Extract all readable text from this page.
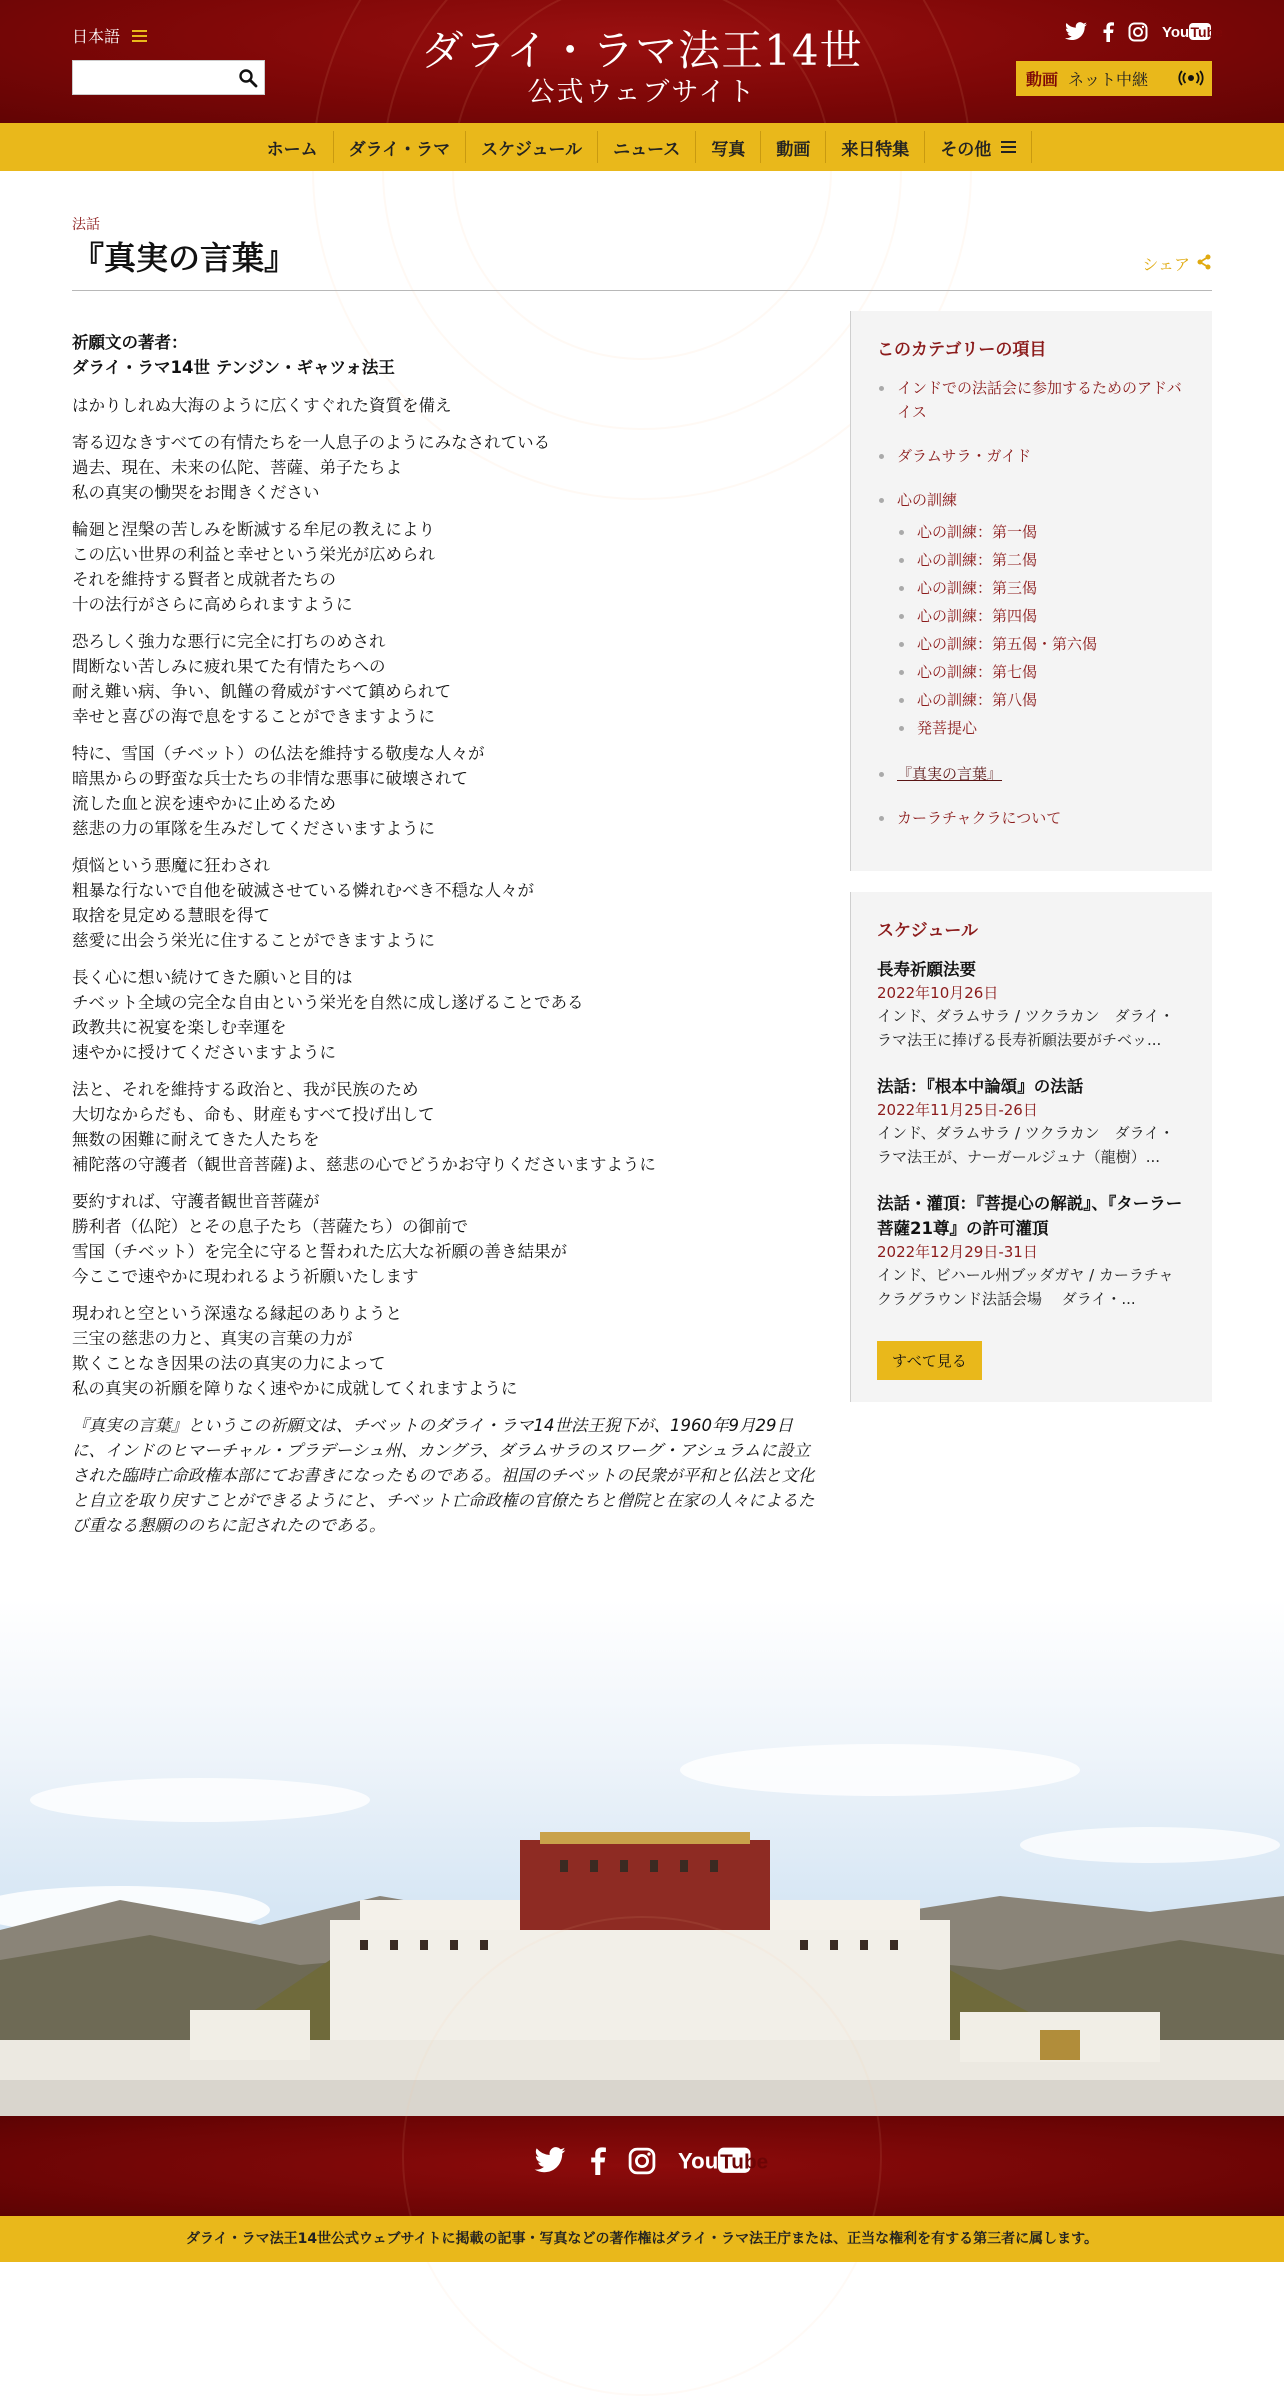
日本語	ダライ・ラマ法王14世
公式ウェブサイト
You Tube
動画 ネット中継
ホーム ダライ・ラマ スケジュール ニュース 写真 動画 来日特集 その他
法話
『真実の言葉』	シェア
祈願文の著者：
ダライ・ラマ14世 テンジン・ギャツォ法王

はかりしれぬ大海のように広くすぐれた資質を備え

寄る辺なきすべての有情たちを一人息子のようにみなされている
過去、現在、未来の仏陀、菩薩、弟子たちよ
私の真実の慟哭をお聞きください

輪廻と涅槃の苦しみを断滅する牟尼の教えにより
この広い世界の利益と幸せという栄光が広められ
それを維持する賢者と成就者たちの
十の法行がさらに高められますように

恐ろしく強力な悪行に完全に打ちのめされ
間断ない苦しみに疲れ果てた有情たちへの
耐え難い病、争い、飢饉の脅威がすべて鎮められて
幸せと喜びの海で息をすることができますように

特に、雪国（チベット）の仏法を維持する敬虔な人々が
暗黒からの野蛮な兵士たちの非情な悪事に破壊されて
流した血と涙を速やかに止めるため
慈悲の力の軍隊を生みだしてくださいますように

煩悩という悪魔に狂わされ
粗暴な行ないで自他を破滅させている憐れむべき不穏な人々が
取捨を見定める慧眼を得て
慈愛に出会う栄光に住することができますように

長く心に想い続けてきた願いと目的は
チベット全域の完全な自由という栄光を自然に成し遂げることである
政教共に祝宴を楽しむ幸運を
速やかに授けてくださいますように

法と、それを維持する政治と、我が民族のため
大切なからだも、命も、財産もすべて投げ出して
無数の困難に耐えてきた人たちを
補陀落の守護者（観世音菩薩)よ、慈悲の心でどうかお守りくださいますように

要約すれば、守護者観世音菩薩が
勝利者（仏陀）とその息子たち（菩薩たち）の御前で
雪国（チベット）を完全に守ると誓われた広大な祈願の善き結果が
今ここで速やかに現われるよう祈願いたします

現われと空という深遠なる縁起のありようと
三宝の慈悲の力と、真実の言葉の力が
欺くことなき因果の法の真実の力によって
私の真実の祈願を障りなく速やかに成就してくれますように

『真実の言葉』というこの祈願文は、チベットのダライ・ラマ14世法王猊下が、1960年9月29日に、インドのヒマーチャル・プラデーシュ州、カングラ、ダラムサラのスワーグ・アシュラムに設立された臨時亡命政権本部にてお書きになったものである。祖国のチベットの民衆が平和と仏法と文化と自立を取り戻すことができるようにと、チベット亡命政権の官僚たちと僧院と在家の人々によるたび重なる懇願ののちに記されたのである。

このカテゴリーの項目
インドでの法話会に参加するためのアドバイス
ダラムサラ・ガイド
心の訓練
心の訓練：第一偈
心の訓練：第二偈
心の訓練：第三偈
心の訓練：第四偈
心の訓練：第五偈・第六偈
心の訓練：第七偈
心の訓練：第八偈
発菩提心
『真実の言葉』
カーラチャクラについて
スケジュール
長寿祈願法要
2022年10月26日
インド、ダラムサラ / ツクラカン　ダライ・ラマ法王に捧げる長寿祈願法要がチベッ...
法話：『根本中論頌』の法話
2022年11月25日-26日
インド、ダラムサラ / ツクラカン　ダライ・ラマ法王が、ナーガールジュナ（龍樹）...
法話・灌頂：『菩提心の解説』、『ターラー菩薩21尊』の許可灌頂
2022年12月29日-31日
インド、ビハール州ブッダガヤ / カーラチャクラグラウンド法話会場　 ダライ・...
すべて見る
You Tube
ダライ・ラマ法王14世公式ウェブサイトに掲載の記事・写真などの著作権はダライ・ラマ法王庁または、正当な権利を有する第三者に属します。
